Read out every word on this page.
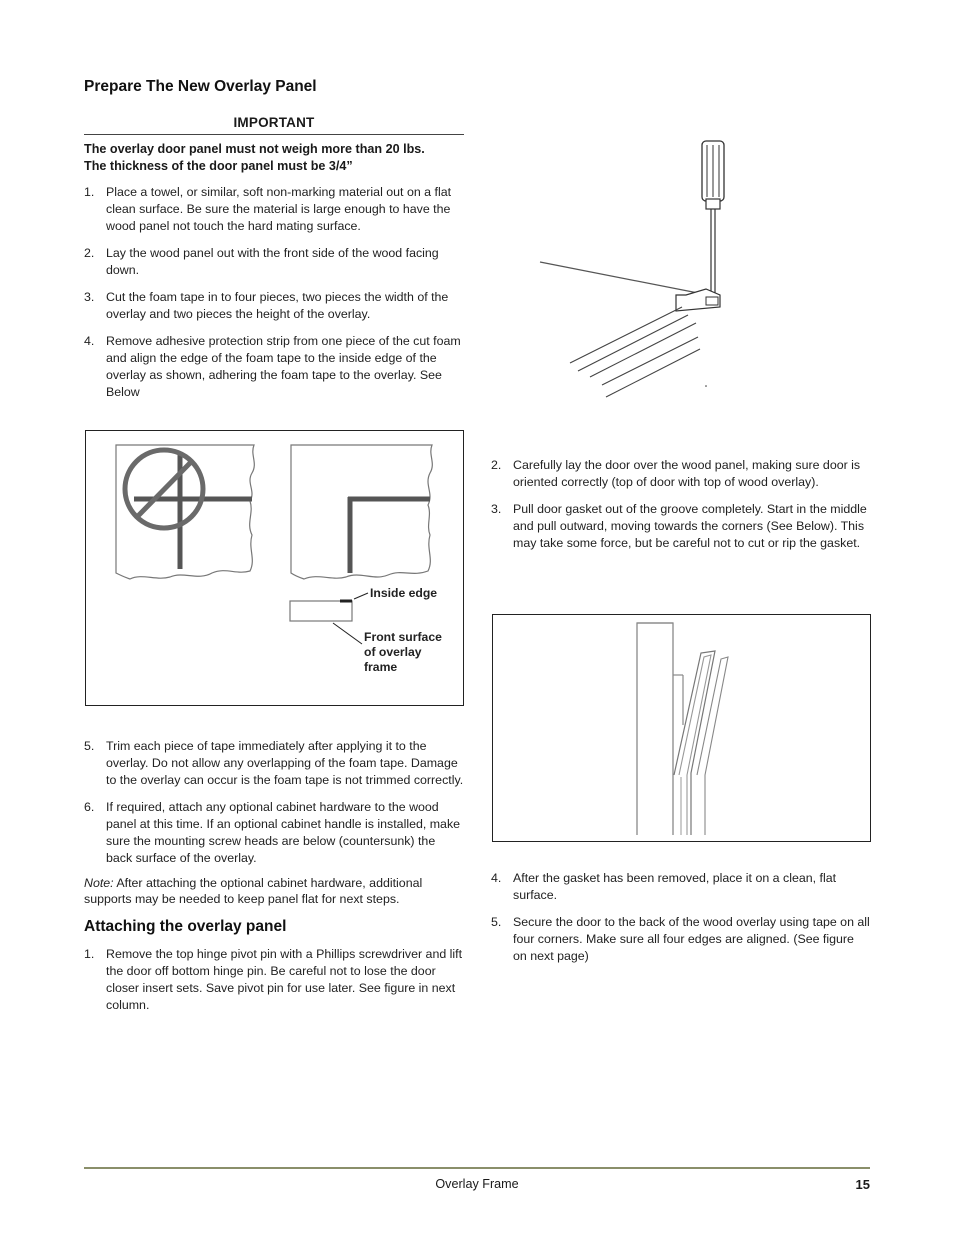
Prepare The New Overlay Panel
IMPORTANT
The overlay door panel must not weigh more than 20 lbs.
The thickness of the door panel must be 3/4”
1. Place a towel, or similar, soft non-marking material out on a flat clean surface. Be sure the material is large enough to have the wood panel not touch the hard mating surface.
2. Lay the wood panel out with the front side of the wood facing down.
3. Cut the foam tape in to four pieces, two pieces the width of the overlay and two pieces the height of the overlay.
4. Remove adhesive protection strip from one piece of the cut foam and align the edge of the foam tape to the inside edge of the overlay as shown, adhering the foam tape to the overlay. See Below
Inside edge
Front surface
of overlay
frame
5. Trim each piece of tape immediately after applying it to the overlay. Do not allow any overlapping of the foam tape. Damage to the overlay can occur is the foam tape is not trimmed correctly.
6. If required, attach any optional cabinet hardware to the wood panel at this time. If an optional cabinet handle is installed, make sure the mounting screw heads are below (countersunk) the back surface of the overlay.
Note: After attaching the optional cabinet hardware, additional supports may be needed to keep panel flat for next steps.
Attaching the overlay panel
1. Remove the top hinge pivot pin with a Phillips screwdriver and lift the door off bottom hinge pin. Be careful not to lose the door closer insert sets. Save pivot pin for use later. See figure in next column.
2. Carefully lay the door over the wood panel, making sure door is oriented correctly (top of door with top of wood overlay).
3. Pull door gasket out of the groove completely. Start in the middle and pull outward, moving towards the corners (See Below). This may take some force, but be careful not to cut or rip the gasket.
4. After the gasket has been removed, place it on a clean, flat surface.
5. Secure the door to the back of the wood overlay using tape on all four corners. Make sure all four edges are aligned. (See figure on next page)
Overlay Frame	15
